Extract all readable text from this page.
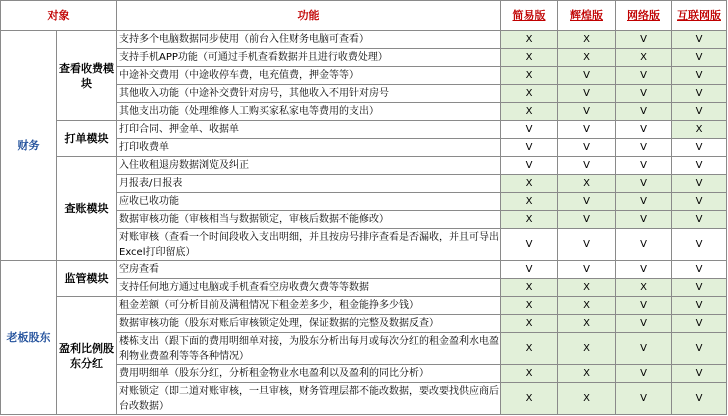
对象		功能	简易版	辉煌版	网络版	互联网版
财务	查看收费模块	支持多个电脑数据同步使用（前台入住财务电脑可查看）	X	X	V	V
		支持手机APP功能（可通过手机查看数据并且进行收费处理）	X	X	X	V
		中途补交费用（中途收停车费，电充值费，押金等等）	X	V	V	V
		其他收入功能（中途补交费针对房号，其他收入不用针对房号	X	V	V	V
		其他支出功能（处理维修人工购买家私家电等费用的支出）	X	V	V	V
	打单模块	打印合同、押金单、收据单	V	V	V	X
		打印收费单	V	V	V	V
	查账模块	入住收租退房数据浏览及纠正	V	V	V	V
		月报表/日报表	X	X	V	V
		应收已收功能	X	V	V	V
		数据审核功能（审核相当与数据锁定，审核后数据不能修改）	X	V	V	V
		对账审核（查看一个时间段收入支出明细，并且按房号排序查看是否漏收，并且可导出Excel打印留底）	V	V	V	V
老板股东	监管模块	空房查看	V	V	V	V
		支持任何地方通过电脑或手机查看空房收费欠费等等数据	X	X	X	V
	盈利比例股东分红	租金差额（可分析目前及满租情况下租金差多少，租金能挣多少钱）	X	X	V	V
		数据审核功能（股东对账后审核锁定处理，保证数据的完整及数据反查）	X	X	V	V
		楼栋支出（跟下面的费用明细单对接，为股东分析出每月或每次分红的租金盈利水电盈利物业费盈利等等各种情况）	X	X	V	V
		费用明细单（股东分红，分析租金物业水电盈利以及盈利的同比分析）	X	X	V	V
		对账锁定（即二道对账审核，一旦审核，财务管理层都不能改数据，要改要找供应商后台改数据）	X	X	V	V
